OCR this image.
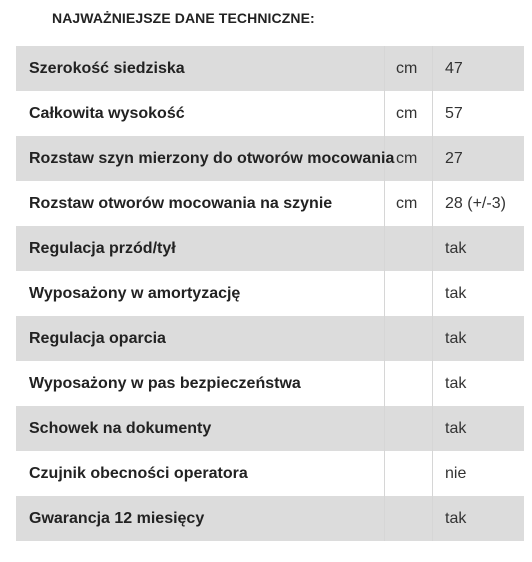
NAJWAŻNIEJSZE DANE TECHNICZNE:
Szerokość siedziska	cm	47
Całkowita wysokość	cm	57
Rozstaw szyn mierzony do otworów mocowania	cm	27
Rozstaw otworów mocowania na szynie	cm	28 (+/-3)
Regulacja przód/tył		tak
Wyposażony w amortyzację		tak
Regulacja oparcia		tak
Wyposażony w pas bezpieczeństwa		tak
Schowek na dokumenty		tak
Czujnik obecności operatora		nie
Gwarancja 12 miesięcy		tak
